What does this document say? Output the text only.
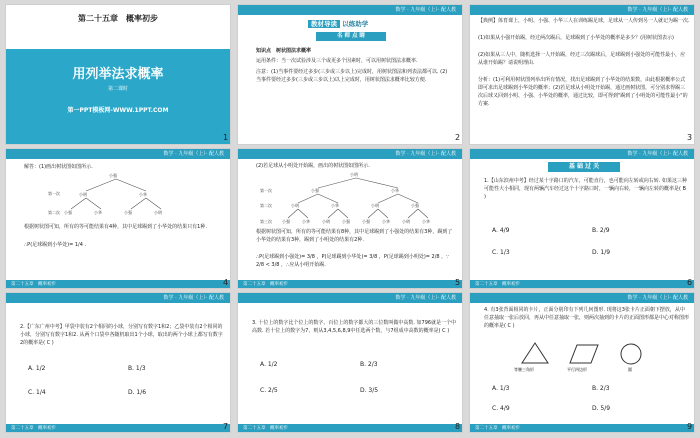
第二十五章　概率初步
用列举法求概率
第二课时
第一PPT模板网-WWW.1PPT.COM
1
数学 · 九年级（上）· 配人教
教材导读 以练助学
名 师 点 睛
知识点　树状图法求概率
运用条件：当一次试验涉及三个或更多个因素时，可以用树状图法求概率.
注意：(1)当事件要经过多步(三步或三步以上)完成时，用树状图法和列表法都可以. (2)当事件要经过多步(三步或三步以上)以上完成时，用树状图法求概率比较方便.
2
数学 · 九年级（上）· 配人教
【典例】体育课上，小明、小强、小华三人在训练踢足球，足球从一人传到另一人就记为踢一次.
(1)如果从小强开始踢，经过两次踢后，足球踢到了小华处的概率是多少？(用树状图表示)
(2)如果从三人中，随机选择一人开始踢，经过三次踢球后，足球踢到小强处的可能性最小，应从谁开始踢？请说明理由.
分析：(1)可利用树状图列举出所有情况，找出足球踢到了小华处的结果数，由此根据概率公式即可求出足球踢到小华处的概率；(2)若足球从小明处开始踢，通过画树状图，可分别求得踢三次后球又回到小明、小强、小华处的概率，通过比较，即可得到"踢到了小明处的可能性最小"的方案.
3
数学 · 九年级（上）· 配人教
解答：(1)画出树状图如图所示.
小强
第一次	小明	小华
第二次 小强	小华	小强	小明
根据树状图可知，所有的等可能结果有4种，其中足球踢到了小华处的结果只有1种.
∴P(足球踢到小华处)= 1/4 .
第二十五章　概率初步	4
数学 · 九年级（上）· 配人教
(2)若足球从小明处开始踢，画出的树状图如图所示.
小明
第一次	小强	小华
第二次	小明	小华	小明	小强
第三次	小强	小华	小明	小强	小强	小华	小明	小华
根据树状图可知，所有的等可能结果有8种，其中足球踢到了小强处的结果有3种，踢到了小华处的结果有3种，踢到了小明处的结果有2种.
∴P(足球踢到小强处)= 3/8 ，P(足球踢到小华处)= 3/8 ，P(足球踢到小明处)= 2/8 ，∵ 2/8 < 3/8 ，∴应从小明开始踢.
第二十五章　概率初步	5
数学 · 九年级（上）· 配人教
基 础 过 关
1.【山东滨州中考】经过某十字路口的汽车，可能直行，也可能向左转或向右转. 如果这三种可能性大小相同，现有两辆汽车经过这个十字路口时，一辆向右转，一辆向左转的概率是( B )
A. 4/9	B. 2/9
C. 1/3	D. 1/9
第二十五章　概率初步	6
数学 · 九年级（上）· 配人教
2.【广东广州中考】甲袋中装有2个相同的小球，分别写有数字1和2；乙袋中装有2个相同的小球，分别写有数字1和2. 从两个口袋中各随机取出1个小球，取出的两个小球上都写有数字2的概率是( C )
A. 1/2	B. 1/3
C. 1/4	D. 1/6
第二十五章　概率初步	7
数学 · 九年级（上）· 配人教
3. 十位上的数字比个位上的数字、百位上的数字都大的三位数叫做中高数. 如796就是一个中高数. 若十位上的数字为7，则从3,4,5,6,8,9中任选两个数，与7组成中高数的概率是( C )
A. 1/2	B. 2/3
C. 2/5	D. 3/5
第二十五章　概率初步	8
数学 · 九年级（上）· 配人教
4. 有3张背面相同的卡片，正面分别印有下列几何图形. 现将这3张卡片正面朝下摆放，从中任意抽取一张后放回，再从中任意抽取一张，则两次抽到的卡片的正面图形都是中心对称图形的概率是( C )
等腰三角形	平行四边形	圆
A. 1/3	B. 2/3
C. 4/9	D. 5/9
第二十五章　概率初步	9
